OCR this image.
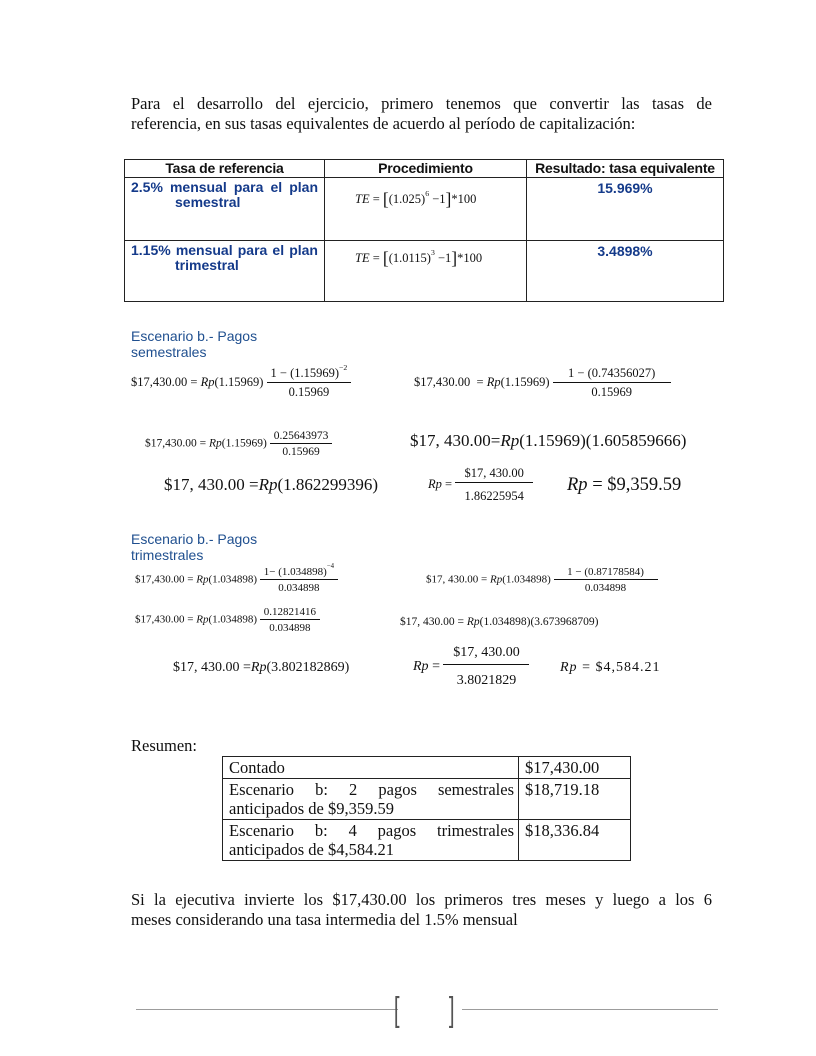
Para el desarrollo del ejercicio, primero tenemos que convertir las tasas de
referencia, en sus tasas equivalentes de acuerdo al período de capitalización:
Tasa de referencia	Procedimiento	Resultado: tasa equivalente
2.5% mensual para el plan
semestral	TE = $[(1.025)^6 -1]*100$	15.969%
1.15% mensual para el plan
trimestral	TE = $[(1.0115)^3 -1]*100$	3.4898%
Escenario b.- Pagos
semestrales
$17,430.00 = $Rp(1.15969) \frac{1 - (1.15969)^{-2}}{0.15969}$	$17,430.00  = $Rp(1.15969) \frac{1 - (0.74356027)}{0.15969}$
$17,430.00 = $Rp(1.15969) \frac{0.25643973}{0.15969}$	$17, 430.00=Rp(1.15969)(1.605859666)
$17, 430.00 =Rp(1.862299396)	$Rp = \frac{\$17, 430.00}{1.86225954}$ Rp = $9,359.59
Escenario b.- Pagos
trimestrales
$17,430.00 = $Rp(1.034898) \frac{1- (1.034898)^{-4}}{0.034898}$	$17, $430.00 = Rp(1.034898) \frac{1 - (0.87178584)}{0.034898}$
$17,430.00 = $Rp(1.034898) \frac{0.12821416}{0.034898}$	$17, 430.00 = Rp(1.034898)(3.673968709)
$17, 430.00 =Rp(3.802182869)	$Rp = \frac{\$17, 430.00}{3.8021829}$ Rp = $4,584.21
Resumen:
Contado	$17,430.00
Escenario b: 2 pagos semestrales anticipados de $9,359.59	$18,719.18
Escenario b: 4 pagos trimestrales anticipados de $4,584.21	$18,336.84
Si la ejecutiva invierte los $17,430.00 los primeros tres meses y luego a los 6
meses considerando una tasa intermedia del 1.5% mensual
[ ]
